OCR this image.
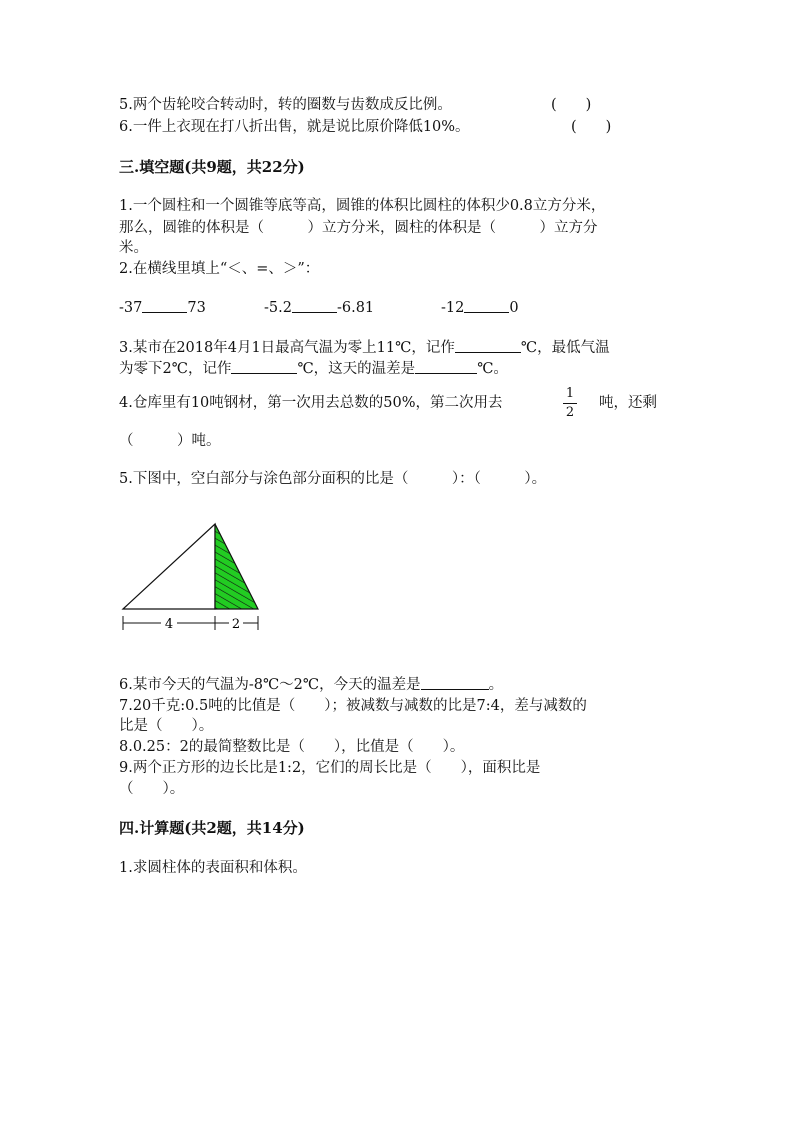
5.两个齿轮咬合转动时，转的圈数与齿数成反比例。	(　　)
6.一件上衣现在打八折出售，就是说比原价降低10%。	(　　)
三.填空题(共9题，共22分)
1.一个圆柱和一个圆锥等底等高，圆锥的体积比圆柱的体积少0.8立方分米，
那么，圆锥的体积是（　　　）立方分米，圆柱的体积是（　　　）立方分
米。
2.在横线里填上“＜、=、＞”：
-37	73	-5.2	-6.81	-12	0
3.某市在2018年4月1日最高气温为零上11℃，记作	℃，最低气温
为零下2℃，记作	℃，这天的温差是	℃。
4.仓库里有10吨钢材，第一次用去总数的50%，第二次用去
1
2
吨，还剩
（　　　）吨。
5.下图中，空白部分与涂色部分面积的比是（　　　）：（　　　）。
4	2
6.某市今天的气温为-8℃～2℃，今天的温差是	。
7.20千克:0.5吨的比值是（　　）；被减数与减数的比是7:4，差与减数的
比是（　　）。
8.0.25：2的最简整数比是（　　），比值是（　　）。
9.两个正方形的边长比是1:2，它们的周长比是（　　），面积比是
（　　）。
四.计算题(共2题，共14分)
1.求圆柱体的表面积和体积。
